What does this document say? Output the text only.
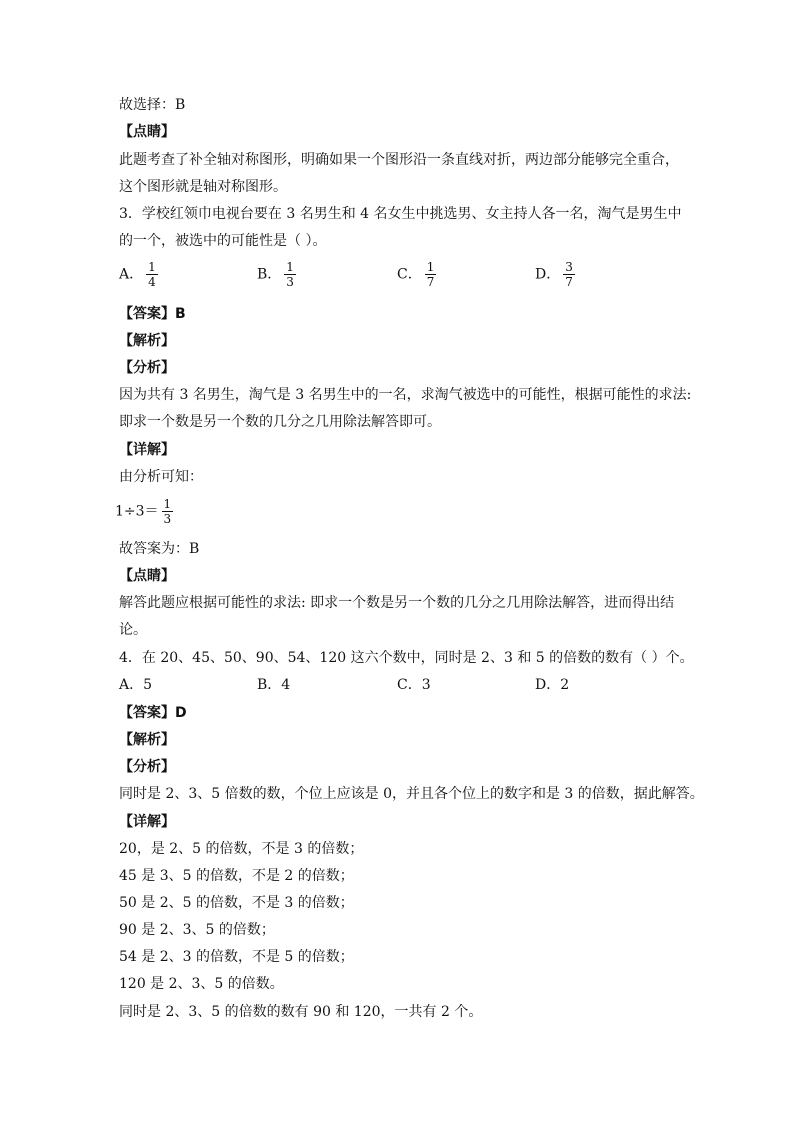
故选择：B
【点睛】
此题考查了补全轴对称图形，明确如果一个图形沿一条直线对折，两边部分能够完全重合，
这个图形就是轴对称图形。
3．学校红领巾电视台要在 3 名男生和 4 名女生中挑选男、女主持人各一名，淘气是男生中
的一个，被选中的可能性是（ ）。
A． $\frac{1}{4}$	B． $\frac{1}{3}$	C． $\frac{1}{7}$	D． $\frac{3}{7}$
【答案】B
【解析】
【分析】
因为共有 3 名男生，淘气是 3 名男生中的一名，求淘气被选中的可能性，根据可能性的求法:
即求一个数是另一个数的几分之几用除法解答即可。
【详解】
由分析可知：
$1\div 3= \frac{1}{3}$
故答案为：B
【点睛】
解答此题应根据可能性的求法: 即求一个数是另一个数的几分之几用除法解答，进而得出结
论。
4．在 20、45、50、90、54、120 这六个数中，同时是 2、3 和 5 的倍数的数有（ ）个。
A．5	B．4	C．3	D．2
【答案】D
【解析】
【分析】
同时是 2、3、5 倍数的数，个位上应该是 0，并且各个位上的数字和是 3 的倍数，据此解答。
【详解】
20，是 2、5 的倍数，不是 3 的倍数；
45 是 3、5 的倍数，不是 2 的倍数；
50 是 2、5 的倍数，不是 3 的倍数；
90 是 2、3、5 的倍数；
54 是 2、3 的倍数，不是 5 的倍数；
120 是 2、3、5 的倍数。
同时是 2、3、5 的倍数的数有 90 和 120，一共有 2 个。
